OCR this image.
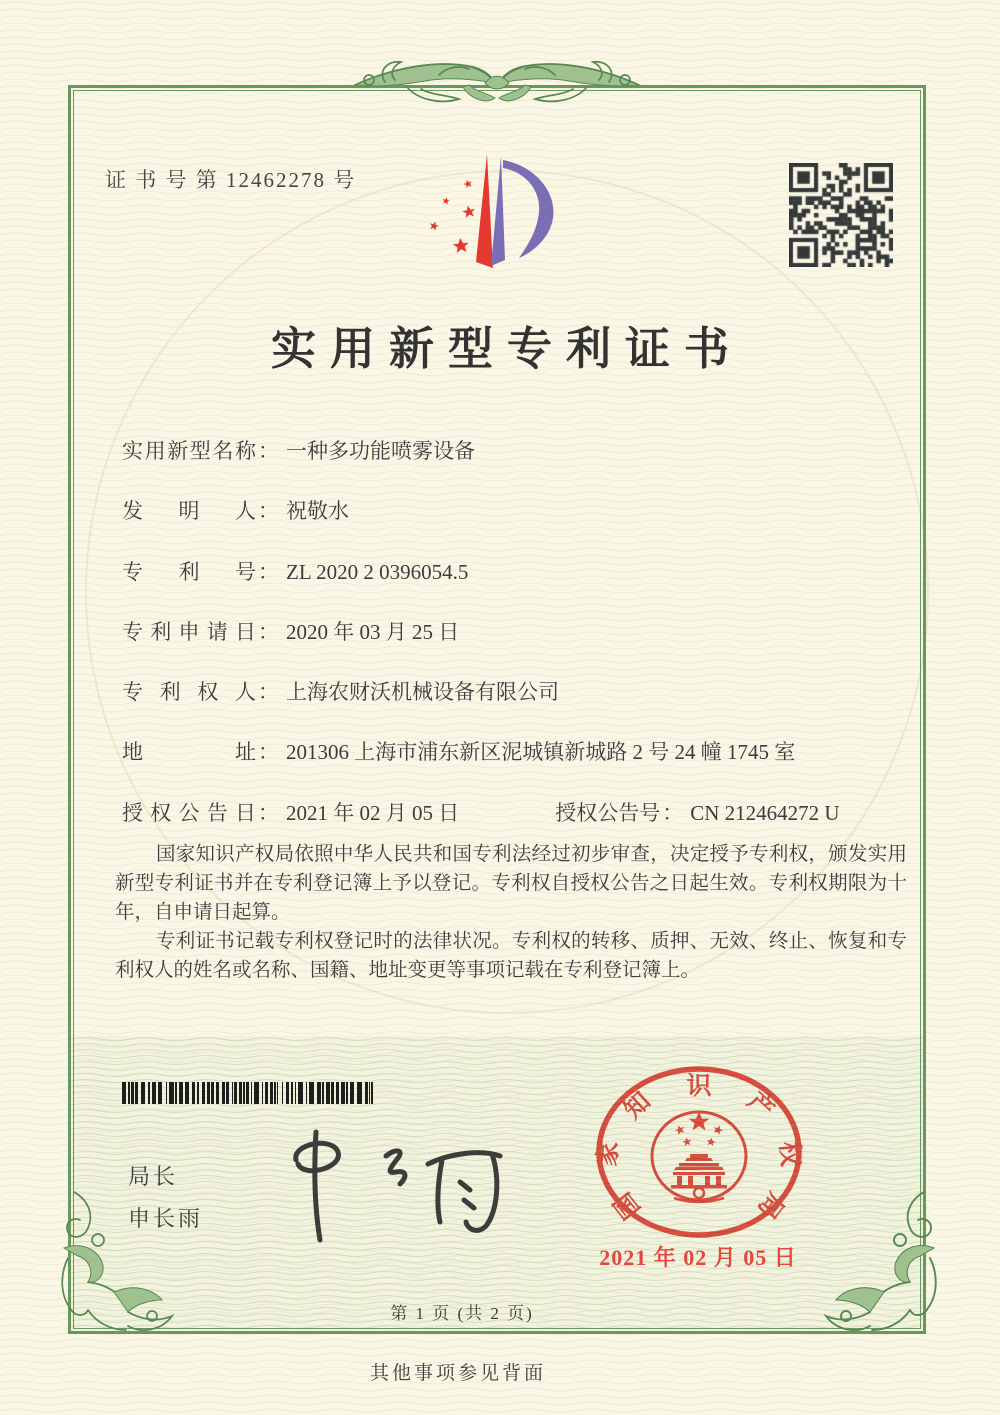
证 书 号 第 12462278 号
实用新型专利证书
实用新型名称： 一种多功能喷雾设备
发明人： 祝敬水
专利号： ZL 2020 2 0396054.5
专利申请日： 2020 年 03 月 25 日
专利权人： 上海农财沃机械设备有限公司
地址： 201306 上海市浦东新区泥城镇新城路 2 号 24 幢 1745 室
授权公告日： 2021 年 02 月 05 日	授权公告号： CN 212464272 U

国家知识产权局依照中华人民共和国专利法经过初步审查，决定授予专利权，颁发实用新型专利证书并在专利登记簿上予以登记。专利权自授权公告之日起生效。专利权期限为十年，自申请日起算。

专利证书记载专利权登记时的法律状况。专利权的转移、质押、无效、终止、恢复和专利权人的姓名或名称、国籍、地址变更等事项记载在专利登记簿上。

局长
申长雨	国
家
知
识
产
权
局
2021 年 02 月 05 日
第 1 页 (共 2 页)
其他事项参见背面
